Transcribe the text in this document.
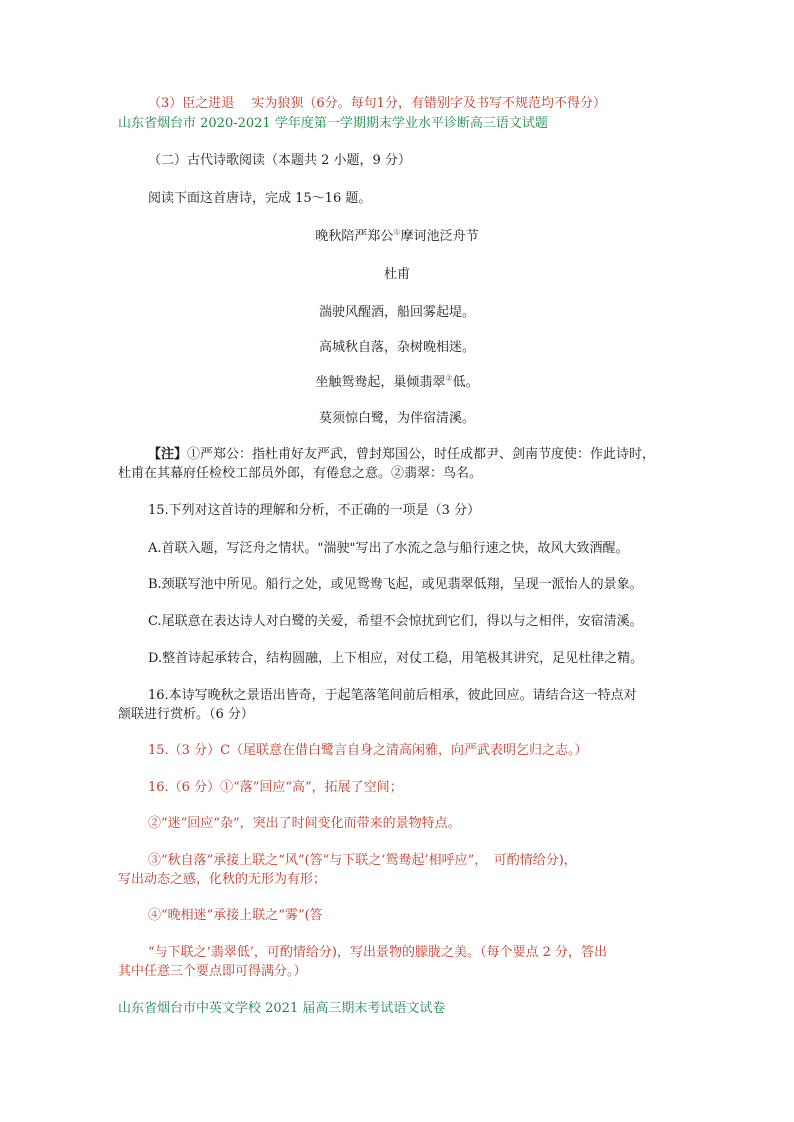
（3）臣之进退　 实为狼狈（6分。每句1分，有错别字及书写不规范均不得分）
山东省烟台市 2020-2021 学年度第一学期期末学业水平诊断高三语文试题
（二）古代诗歌阅读（本题共 2 小题，9 分）
阅读下面这首唐诗，完成 15～16 题。
晚秋陪严郑公①摩诃池泛舟节
杜甫
湍驶风醒酒，船回雾起堤。
高城秋自落，杂树晚相迷。
坐触鸳鸯起，巢倾翡翠②低。
莫须惊白鹭，为伴宿清溪。
【注】①严郑公：指杜甫好友严武，曾封郑国公，时任成都尹、剑南节度使：作此诗时，
杜甫在其幕府任检校工部员外郎，有倦怠之意。②翡翠：鸟名。
15.下列对这首诗的理解和分析，不正确的一项是（3 分）
A.首联入题，写泛舟之情状。"湍驶"写出了水流之急与船行速之快，故风大致酒醒。
B.颈联写池中所见。船行之处，或见鸳鸯飞起，或见翡翠低翔，呈现一派怡人的景象。
C.尾联意在表达诗人对白鹭的关爱，希望不会惊扰到它们，得以与之相伴，安宿清溪。
D.整首诗起承转合，结构圆融，上下相应，对仗工稳，用笔极其讲究，足见杜律之精。
16.本诗写晚秋之景语出皆奇，于起笔落笔间前后相承，彼此回应。请结合这一特点对
颔联进行赏析。（6 分）
15.（3 分）C（尾联意在借白鹭言自身之清高闲雅，向严武表明乞归之志。）
16.（6 分）①“落”回应“高”，拓展了空间；
②“迷”回应“杂”，突出了时间变化而带来的景物特点。
③“秋自落”承接上联之“风”(答“与下联之‘鸳鸯起’相呼应”，　可酌情给分)，
写出动态之感，化秋的无形为有形；
④“晚相迷”承接上联之“雾”(答
“与下联之‘翡翠低’，可酌情给分)，写出景物的朦胧之美。（每个要点 2 分，答出
其中任意三个要点即可得满分。）
山东省烟台市中英文学校 2021 届高三期末考试语文试卷
